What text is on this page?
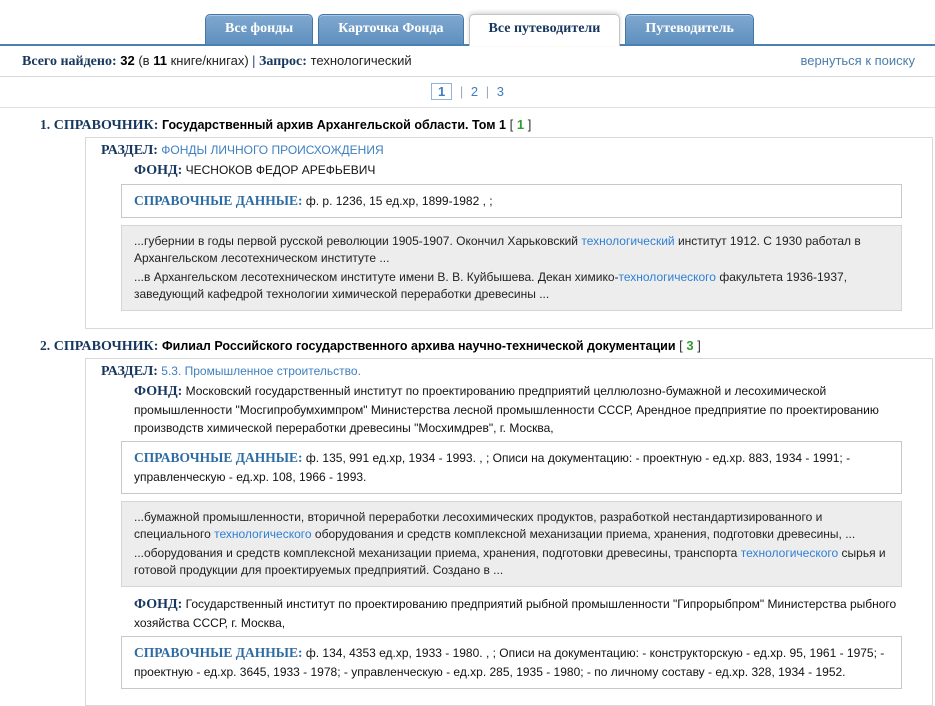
Все фонды	Карточка Фонда	Все путеводители	Путеводитель
Всего найдено: 32 (в 11 книге/книгах) | Запрос: технологический	вернуться к поиску
1 | 2 | 3
1. СПРАВОЧНИК: Государственный архив Архангельской области. Том 1 [ 1 ]
РАЗДЕЛ: ФОНДЫ ЛИЧНОГО ПРОИСХОЖДЕНИЯ
ФОНД: ЧЕСНОКОВ ФЕДОР АРЕФЬЕВИЧ
СПРАВОЧНЫЕ ДАННЫЕ: ф. р. 1236, 15 ед.хр, 1899-1982 , ;

...губернии в годы первой русской революции 1905-1907. Окончил Харьковский технологический институт 1912. С 1930 работал в Архангельском лесотехническом институте ...

...в Архангельском лесотехническом институте имени В. В. Куйбышева. Декан химико-технологического факультета 1936-1937, заведующий кафедрой технологии химической переработки древесины ...

2. СПРАВОЧНИК: Филиал Российского государственного архива научно-технической документации [ 3 ]
РАЗДЕЛ: 5.3. Промышленное строительство.
ФОНД: Московский государственный институт по проектированию предприятий целлюлозно-бумажной и лесохимической промышленности "Мосгипробумхимпром" Министерства лесной промышленности СССР, Арендное предприятие по проектированию производств химической переработки древесины "Мосхимдрев", г. Москва,
СПРАВОЧНЫЕ ДАННЫЕ: ф. 135, 991 ед.хр, 1934 - 1993. , ; Описи на документацию: - проектную - ед.хр. 883, 1934 - 1991; - управленческую - ед.хр. 108, 1966 - 1993.

...бумажной промышленности, вторичной переработки лесохимических продуктов, разработкой нестандартизированного и специального технологического оборудования и средств комплексной механизации приема, хранения, подготовки древесины, ...

...оборудования и средств комплексной механизации приема, хранения, подготовки древесины, транспорта технологического сырья и готовой продукции для проектируемых предприятий. Создано в ...

ФОНД: Государственный институт по проектированию предприятий рыбной промышленности "Гипрорыбпром" Министерства рыбного хозяйства СССР, г. Москва,
СПРАВОЧНЫЕ ДАННЫЕ: ф. 134, 4353 ед.хр, 1933 - 1980. , ; Описи на документацию: - конструкторскую - ед.хр. 95, 1961 - 1975; - проектную - ед.хр. 3645, 1933 - 1978; - управленческую - ед.хр. 285, 1935 - 1980; - по личному составу - ед.хр. 328, 1934 - 1952.
